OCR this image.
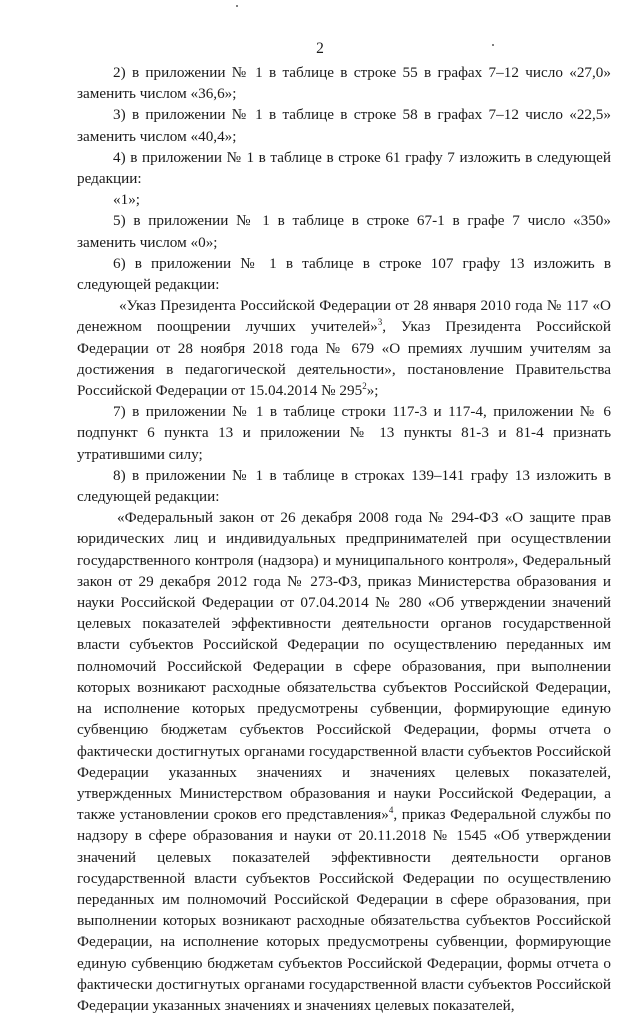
2

2) в приложении № 1 в таблице в строке 55 в графах 7–12 число «27,0» заменить числом «36,6»;

3) в приложении № 1 в таблице в строке 58 в графах 7–12 число «22,5» заменить числом «40,4»;

4) в приложении № 1 в таблице в строке 61 графу 7 изложить в следующей редакции:

«1»;

5) в приложении № 1 в таблице в строке 67-1 в графе 7 число «350» заменить числом «0»;

6) в приложении № 1 в таблице в строке 107 графу 13 изложить в следующей редакции:

«Указ Президента Российской Федерации от 28 января 2010 года № 117 «О денежном поощрении лучших учителей»$^3$, Указ Президента Российской Федерации от 28 ноября 2018 года № 679 «О премиях лучшим учителям за достижения в педагогической деятельности», постановление Правительства Российской Федерации от 15.04.2014 № $295^2$»;

7) в приложении № 1 в таблице строки 117-3 и 117-4, приложении № 6 подпункт 6 пункта 13 и приложении № 13 пункты 81-3 и 81-4 признать утратившими силу;

8) в приложении № 1 в таблице в строках 139–141 графу 13 изложить в следующей редакции:

«Федеральный закон от 26 декабря 2008 года № 294-ФЗ «О защите прав юридических лиц и индивидуальных предпринимателей при осуществлении государственного контроля (надзора) и муниципального контроля», Федеральный закон от 29 декабря 2012 года № 273-ФЗ, приказ Министерства образования и науки Российской Федерации от 07.04.2014 № 280 «Об утверждении значений целевых показателей эффективности деятельности органов государственной власти субъектов Российской Федерации по осуществлению переданных им полномочий Российской Федерации в сфере образования, при выполнении которых возникают расходные обязательства субъектов Российской Федерации, на исполнение которых предусмотрены субвенции, формирующие единую субвенцию бюджетам субъектов Российской Федерации, формы отчета о фактически достигнутых органами государственной власти субъектов Российской Федерации указанных значениях и значениях целевых показателей, утвержденных Министерством образования и науки Российской Федерации, а также установлении сроков его представления»$^4$, приказ Федеральной службы по надзору в сфере образования и науки от 20.11.2018 № 1545 «Об утверждении значений целевых показателей эффективности деятельности органов государственной власти субъектов Российской Федерации по осуществлению переданных им полномочий Российской Федерации в сфере образования, при выполнении которых возникают расходные обязательства субъектов Российской Федерации, на исполнение которых предусмотрены субвенции, формирующие единую субвенцию бюджетам субъектов Российской Федерации, формы отчета о фактически достигнутых органами государственной власти субъектов Российской Федерации указанных значениях и значениях целевых показателей,
